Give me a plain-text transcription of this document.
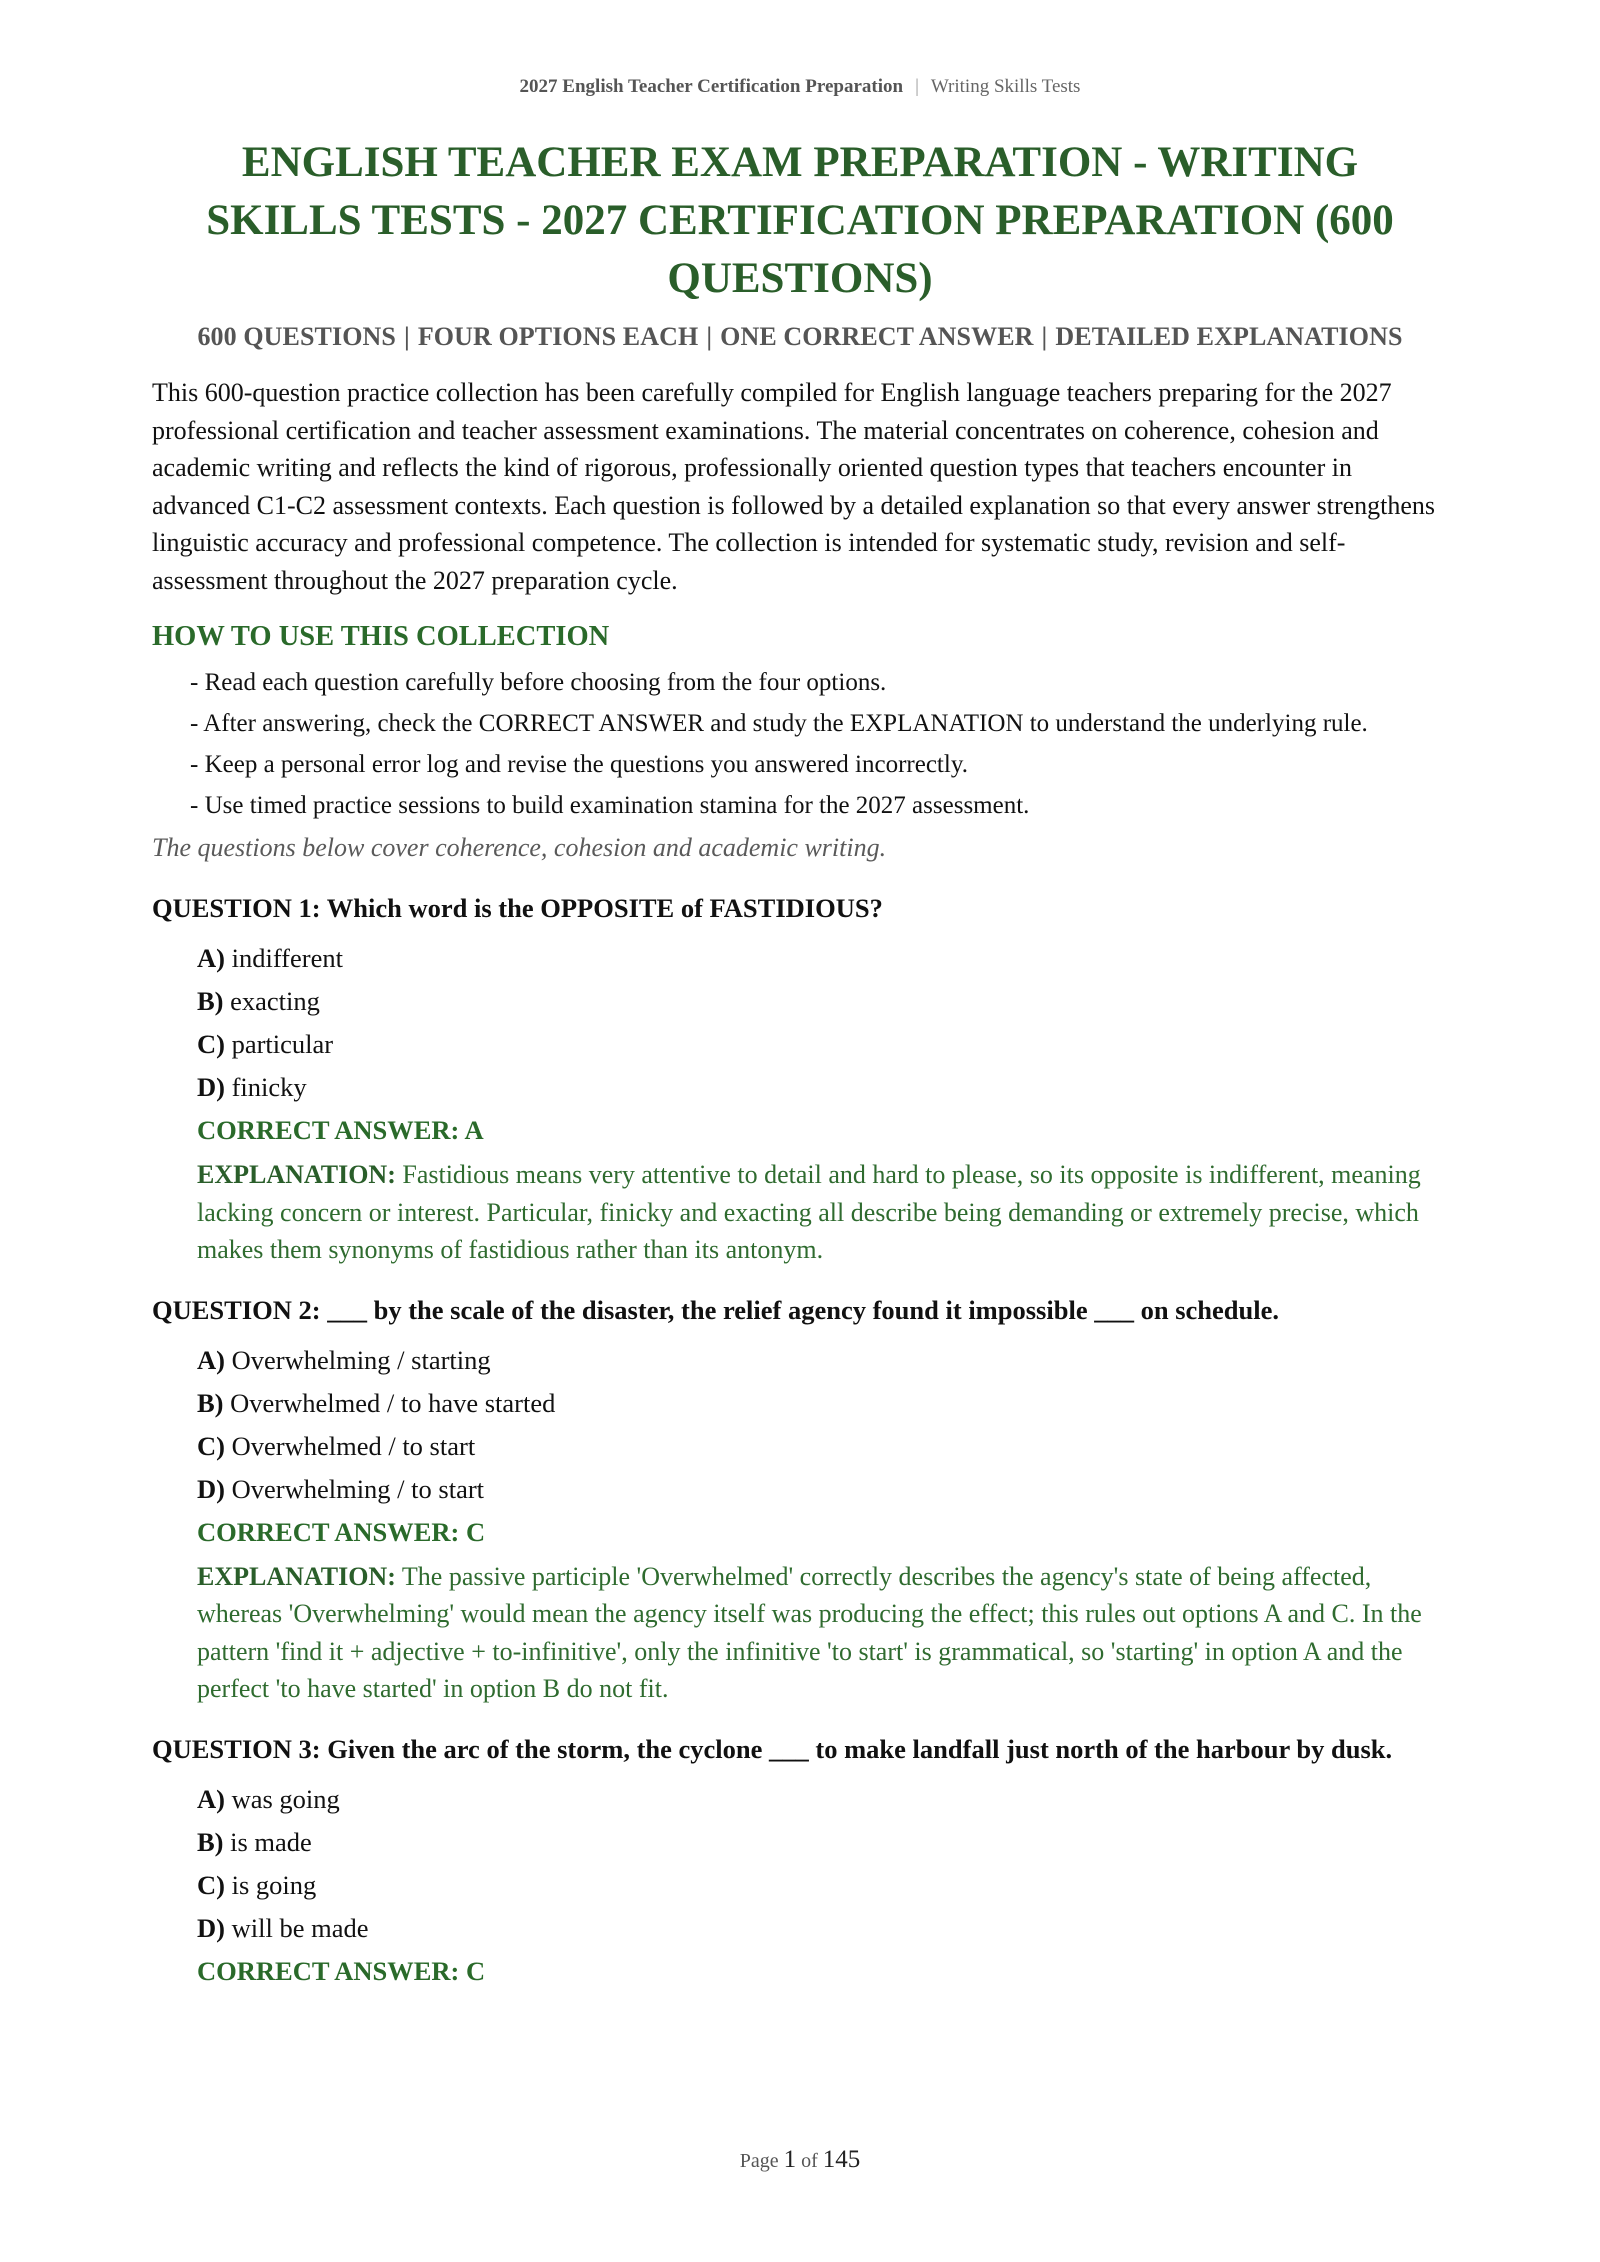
2027 English Teacher Certification Preparation | Writing Skills Tests
ENGLISH TEACHER EXAM PREPARATION - WRITING SKILLS TESTS - 2027 CERTIFICATION PREPARATION (600 QUESTIONS)
600 QUESTIONS | FOUR OPTIONS EACH | ONE CORRECT ANSWER | DETAILED EXPLANATIONS

This 600-question practice collection has been carefully compiled for English language teachers preparing for the 2027 professional certification and teacher assessment examinations. The material concentrates on coherence, cohesion and academic writing and reflects the kind of rigorous, professionally oriented question types that teachers encounter in advanced C1-C2 assessment contexts. Each question is followed by a detailed explanation so that every answer strengthens linguistic accuracy and professional competence. The collection is intended for systematic study, revision and self-assessment throughout the 2027 preparation cycle.

HOW TO USE THIS COLLECTION
- Read each question carefully before choosing from the four options.
- After answering, check the CORRECT ANSWER and study the EXPLANATION to understand the underlying rule.
- Keep a personal error log and revise the questions you answered incorrectly.
- Use timed practice sessions to build examination stamina for the 2027 assessment.
The questions below cover coherence, cohesion and academic writing.
QUESTION 1: Which word is the OPPOSITE of FASTIDIOUS?
A) indifferent
B) exacting
C) particular
D) finicky
CORRECT ANSWER: A
EXPLANATION: Fastidious means very attentive to detail and hard to please, so its opposite is indifferent, meaning lacking concern or interest. Particular, finicky and exacting all describe being demanding or extremely precise, which makes them synonyms of fastidious rather than its antonym.
QUESTION 2: ___ by the scale of the disaster, the relief agency found it impossible ___ on schedule.
A) Overwhelming / starting
B) Overwhelmed / to have started
C) Overwhelmed / to start
D) Overwhelming / to start
CORRECT ANSWER: C
EXPLANATION: The passive participle 'Overwhelmed' correctly describes the agency's state of being affected, whereas 'Overwhelming' would mean the agency itself was producing the effect; this rules out options A and C. In the pattern 'find it + adjective + to-infinitive', only the infinitive 'to start' is grammatical, so 'starting' in option A and the perfect 'to have started' in option B do not fit.
QUESTION 3: Given the arc of the storm, the cyclone ___ to make landfall just north of the harbour by dusk.
A) was going
B) is made
C) is going
D) will be made
CORRECT ANSWER: C
Page 1 of 145
